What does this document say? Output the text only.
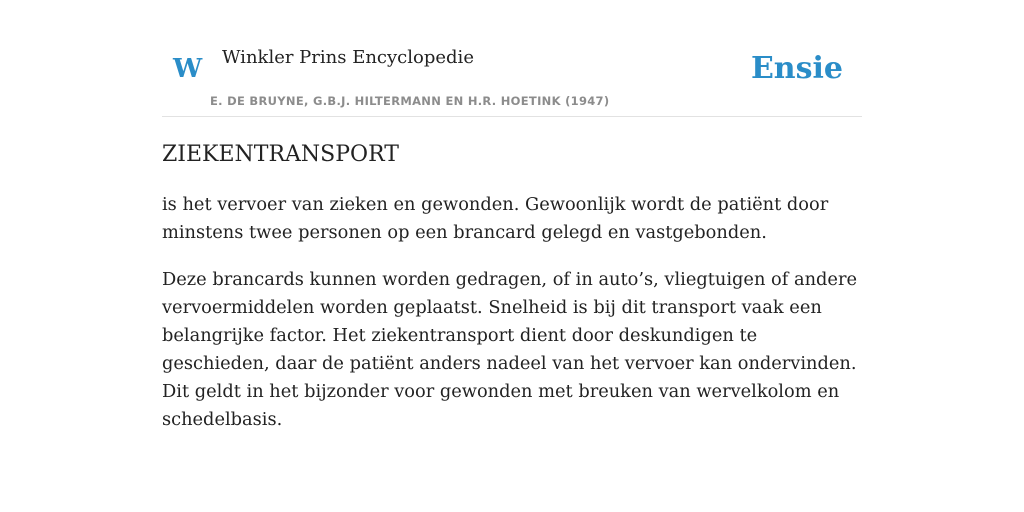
W Winkler Prins Encyclopedie
E. DE BRUYNE, G.B.J. HILTERMANN EN H.R. HOETINK (1947)
Ensie
ZIEKENTRANSPORT

is het vervoer van zieken en gewonden. Gewoonlijk wordt de patiënt door minstens twee personen op een brancard gelegd en vastgebonden.

Deze brancards kunnen worden gedragen, of in auto’s, vliegtuigen of andere vervoermiddelen worden geplaatst. Snelheid is bij dit transport vaak een belangrijke factor. Het ziekentransport dient door deskundigen te geschieden, daar de patiënt anders nadeel van het vervoer kan ondervinden. Dit geldt in het bijzonder voor gewonden met breuken van wervelkolom en schedelbasis.
